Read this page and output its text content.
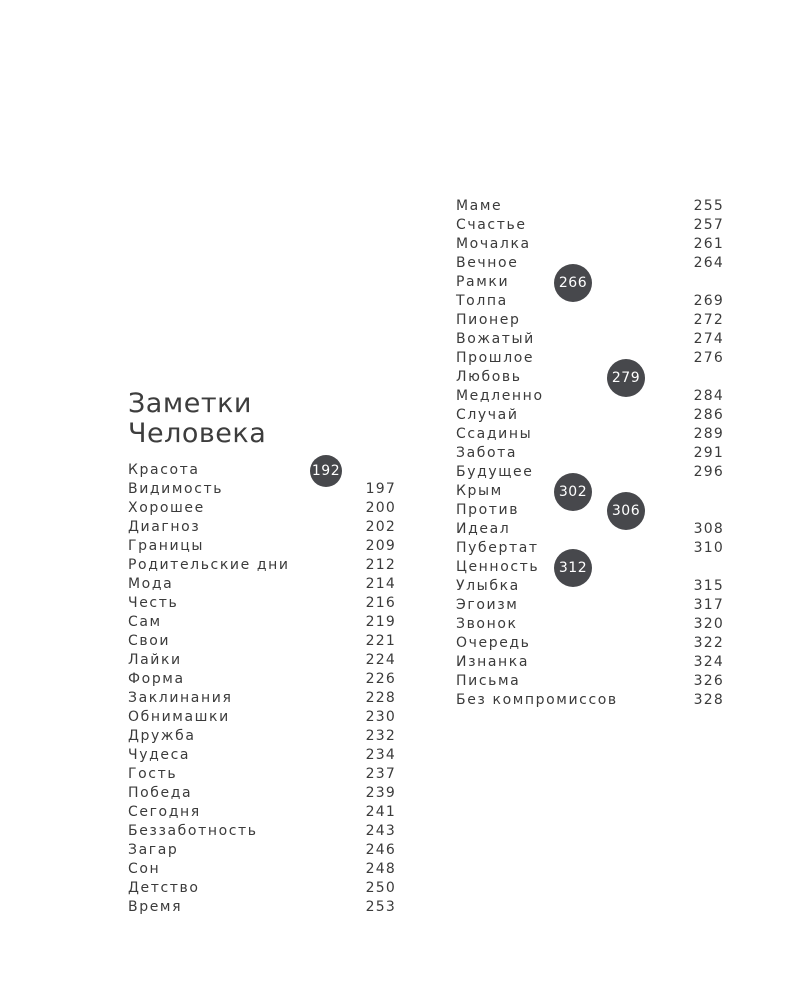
Заметки
Человека
Красота	192
Видимость	197
Хорошее	200
Диагноз	202
Границы	209
Родительские дни	212
Мода	214
Честь	216
Сам	219
Свои	221
Лайки	224
Форма	226
Заклинания	228
Обнимашки	230
Дружба	232
Чудеса	234
Гость	237
Победа	239
Сегодня	241
Беззаботность	243
Загар	246
Сон	248
Детство	250
Время	253
Маме	255
Счастье	257
Мочалка	261
Вечное	264
Рамки	266
Толпа	269
Пионер	272
Вожатый	274
Прошлое	276
Любовь	279
Медленно	284
Случай	286
Ссадины	289
Забота	291
Будущее	296
Крым	302
Против	306
Идеал	308
Пубертат	310
Ценность	312
Улыбка	315
Эгоизм	317
Звонок	320
Очередь	322
Изнанка	324
Письма	326
Без компромиссов	328
